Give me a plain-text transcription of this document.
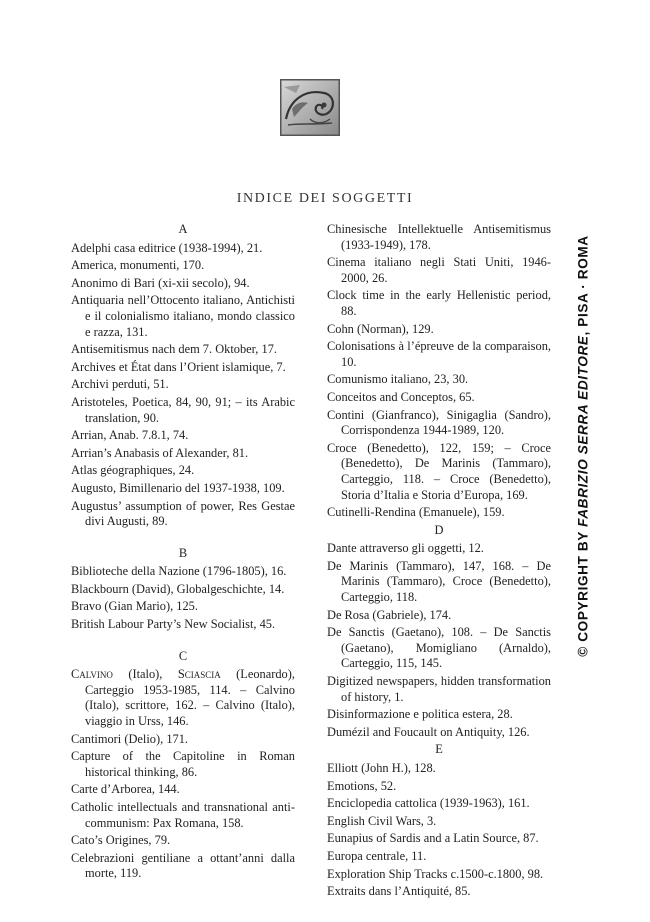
INDICE DEI SOGGETTI
A
Adelphi casa editrice (1938-1994), 21.
America, monumenti, 170.
Anonimo di Bari (xi-xii secolo), 94.
Antiquaria nell’Ottocento italiano, Antichisti e il colonialismo italiano, mondo classico e razza, 131.
Antisemitismus nach dem 7. Oktober, 17.
Archives et État dans l’Orient islamique, 7.
Archivi perduti, 51.
Aristoteles, Poetica, 84, 90, 91; – its Arabic translation, 90.
Arrian, Anab. 7.8.1, 74.
Arrian’s Anabasis of Alexander, 81.
Atlas géographiques, 24.
Augusto, Bimillenario del 1937-1938, 109.
Augustus’ assumption of power, Res Gestae divi Augusti, 89.
B
Biblioteche della Nazione (1796-1805), 16.
Blackbourn (David), Globalgeschichte, 14.
Bravo (Gian Mario), 125.
British Labour Party’s New Socialist, 45.
C
Calvino (Italo), Sciascia (Leonardo), Carteggio 1953-1985, 114. – Calvino (Italo), scrittore, 162. – Calvino (Italo), viaggio in Urss, 146.
Cantimori (Delio), 171.
Capture of the Capitoline in Roman historical thinking, 86.
Carte d’Arborea, 144.
Catholic intellectuals and transnational anti-communism: Pax Romana, 158.
Cato’s Origines, 79.
Celebrazioni gentiliane a ottant’anni dalla morte, 119.
Chinesische Intellektuelle Antisemitismus (1933-1949), 178.
Cinema italiano negli Stati Uniti, 1946-2000, 26.
Clock time in the early Hellenistic period, 88.
Cohn (Norman), 129.
Colonisations à l’épreuve de la comparaison, 10.
Comunismo italiano, 23, 30.
Conceitos and Conceptos, 65.
Contini (Gianfranco), Sinigaglia (Sandro), Corrispondenza 1944-1989, 120.
Croce (Benedetto), 122, 159; – Croce (Benedetto), De Marinis (Tammaro), Carteggio, 118. – Croce (Benedetto), Storia d’Italia e Storia d’Europa, 169.
Cutinelli-Rendina (Emanuele), 159.
D
Dante attraverso gli oggetti, 12.
De Marinis (Tammaro), 147, 168. – De Marinis (Tammaro), Croce (Benedetto), Carteggio, 118.
De Rosa (Gabriele), 174.
De Sanctis (Gaetano), 108. – De Sanctis (Gaetano), Momigliano (Arnaldo), Carteggio, 115, 145.
Digitized newspapers, hidden transformation of history, 1.
Disinformazione e politica estera, 28.
Dumézil and Foucault on Antiquity, 126.
E
Elliott (John H.), 128.
Emotions, 52.
Enciclopedia cattolica (1939-1963), 161.
English Civil Wars, 3.
Eunapius of Sardis and a Latin Source, 87.
Europa centrale, 11.
Exploration Ship Tracks c.1500-c.1800, 98.
Extraits dans l’Antiquité, 85.
© COPYRIGHT BY FABRIZIO SERRA EDITORE, PISA · ROMA
